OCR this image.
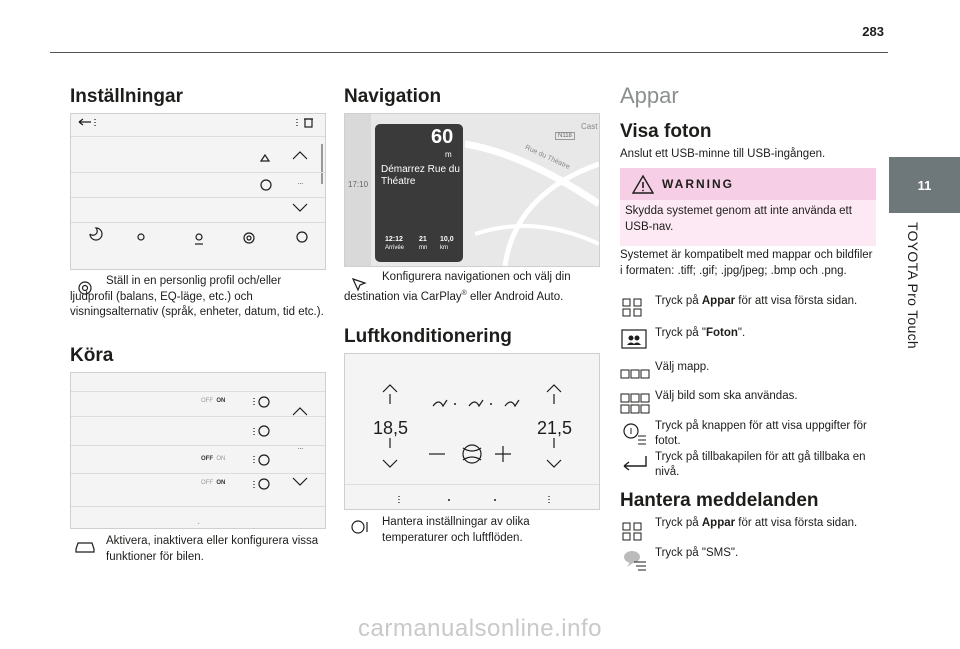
283
11
TOYOTA Pro Touch
Inställningar
...
Ställ in en personlig profil och/eller ljudprofil (balans, EQ-läge, etc.) och visningsalternativ (språk, enheter, datum, tid etc.).
Köra
...
.
OFF ON
OFF ON
OFF ON
Aktivera, inaktivera eller konfigurera vissa funktioner för bilen.
Navigation
17:10
60
m
Démarrez Rue du Théatre
12:12
Arrivée
21
mn
10,0
km
Rue du Théatre
Cast
N118
Konfigurera navigationen och välj din destination via CarPlay® eller Android Auto.
Luftkonditionering
18,5	21,5
Hantera inställningar av olika temperaturer och luftflöden.
Appar
Visa foton
Anslut ett USB-minne till USB-ingången.
WARNING
Skydda systemet genom att inte använda ett USB-nav.
Systemet är kompatibelt med mappar och bildfiler i formaten: .tiff; .gif; .jpg/jpeg; .bmp och .png.
Tryck på Appar för att visa första sidan.
Tryck på "Foton".
Välj mapp.
Välj bild som ska användas.
Tryck på knappen för att visa uppgifter för fotot.
Tryck på tillbakapilen för att gå tillbaka en nivå.
Hantera meddelanden
Tryck på Appar för att visa första sidan.
Tryck på "SMS".
carmanualsonline.info
